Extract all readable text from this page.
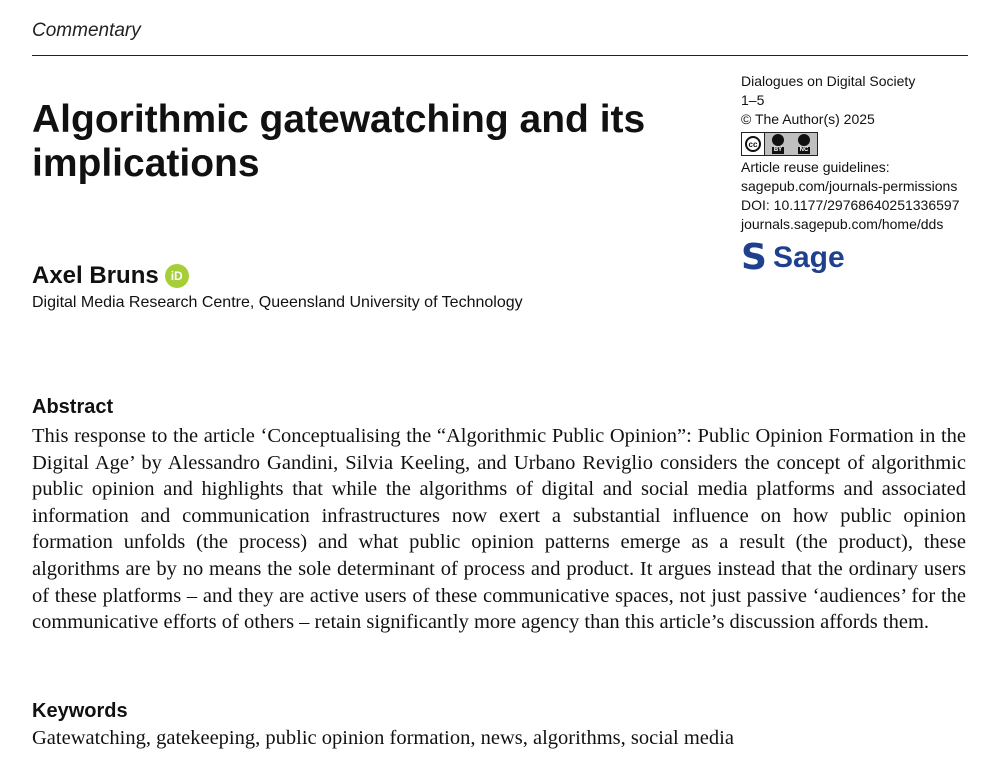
Commentary
Algorithmic gatewatching and its implications
Dialogues on Digital Society
1–5
© The Author(s) 2025
cc
BY	NC
Article reuse guidelines:
sagepub.com/journals-permissions
DOI: 10.1177/29768640251336597
journals.sagepub.com/home/dds
S Sage
Axel Bruns	iD
Digital Media Research Centre, Queensland University of Technology
Abstract
This response to the article ‘Conceptualising the “Algorithmic Public Opinion”: Public Opinion Formation in the Digital Age’ by Alessandro Gandini, Silvia Keeling, and Urbano Reviglio considers the concept of algorithmic public opinion and highlights that while the algorithms of digital and social media platforms and associated information and communication infrastructures now exert a substantial influence on how public opinion formation unfolds (the process) and what public opinion patterns emerge as a result (the product), these algorithms are by no means the sole determinant of process and product. It argues instead that the ordinary users of these platforms – and they are active users of these communicative spaces, not just passive ‘audiences’ for the communicative efforts of others – retain significantly more agency than this article’s discussion affords them.
Keywords
Gatewatching, gatekeeping, public opinion formation, news, algorithms, social media
